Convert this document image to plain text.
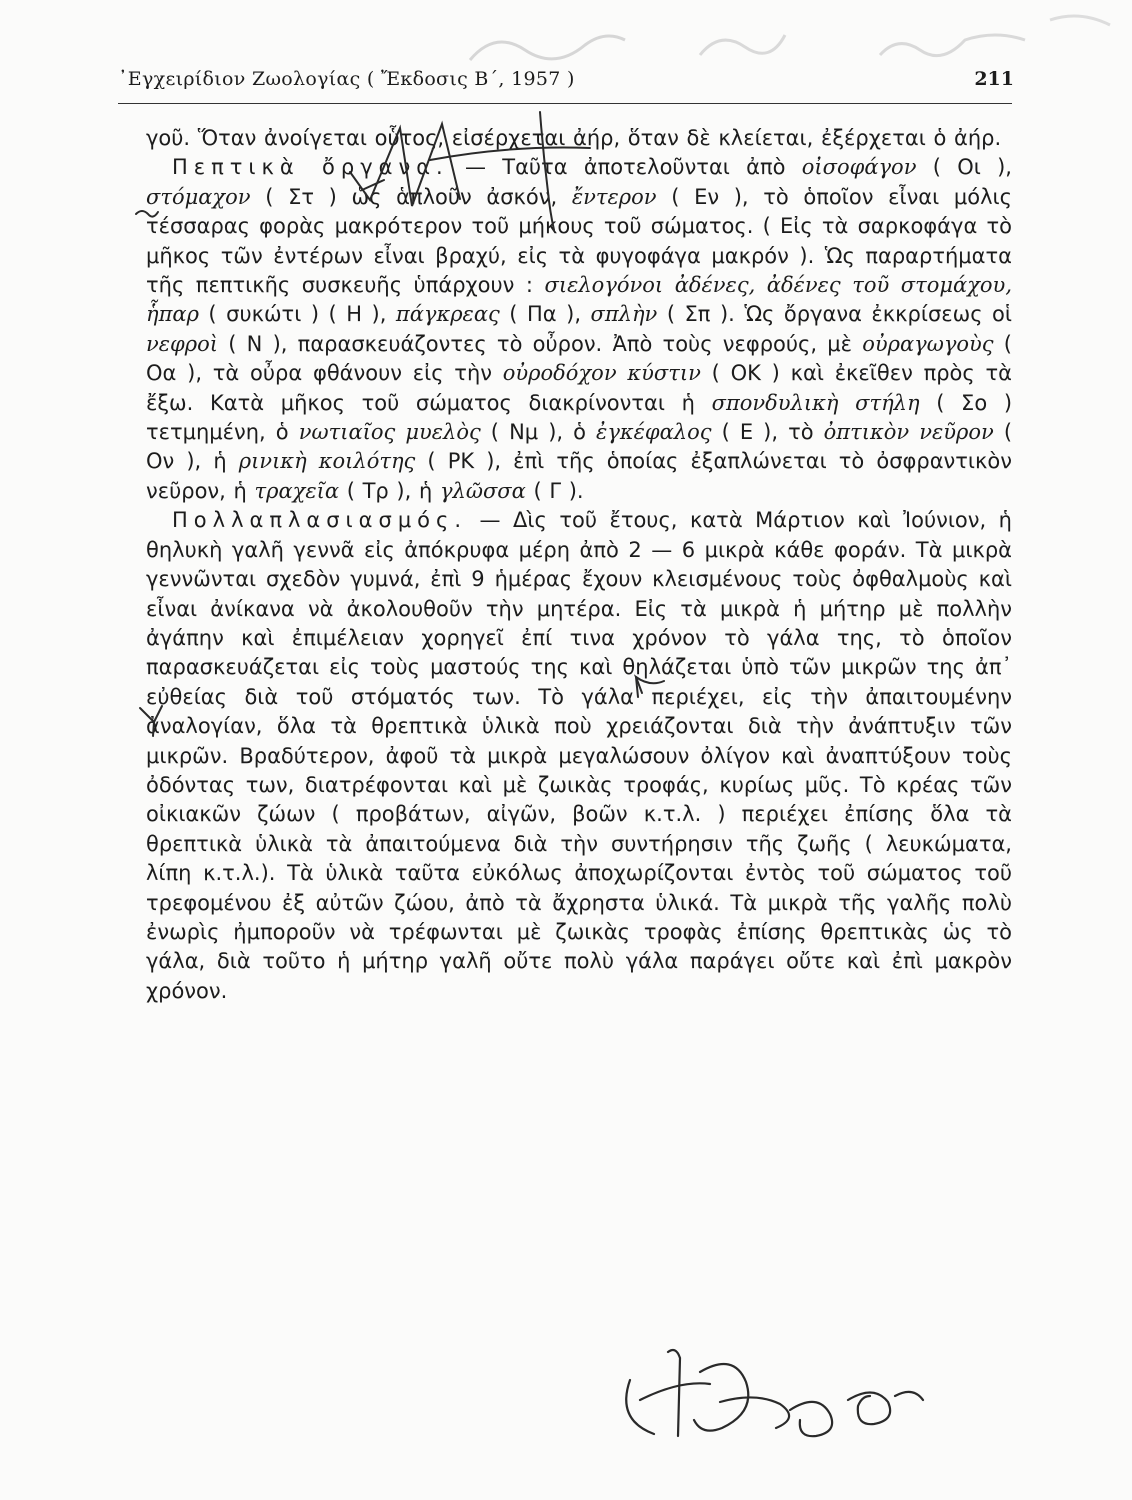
᾿Εγχειρίδιον Ζωολογίας ( Ἔκδοσις Β΄, 1957 )	211

γοῦ. Ὅταν ἀνοίγεται οὗτος, εἰσέρχεται ἀήρ, ὅταν δὲ κλείεται, ἐξέρχεται ὁ ἀήρ.

Πεπτικὰ ὄργανα. — Ταῦτα ἀποτελοῦνται ἀπὸ οἰσοφάγον ( Οι ), στόμαχον ( Στ ) ὡς ἁπλοῦν ἀσκόν, ἔντερον ( Εν ), τὸ ὁποῖον εἶναι μόλις τέσσαρας φορὰς μακρότερον τοῦ μήκους τοῦ σώματος. ( Εἰς τὰ σαρκοφάγα τὸ μῆκος τῶν ἐντέρων εἶναι βραχύ, εἰς τὰ φυγοφάγα μακρόν ). Ὡς παραρτήματα τῆς πεπτικῆς συσκευῆς ὑπάρχουν : σιελογόνοι ἀδένες, ἀδένες τοῦ στομάχου, ἧπαρ ( συκώτι ) ( Η ), πάγκρεας ( Πα ), σπλὴν ( Σπ ). Ὡς ὄργανα ἐκκρίσεως οἱ νεφροὶ ( Ν ), παρασκευάζοντες τὸ οὖρον. Ἀπὸ τοὺς νεφρούς, μὲ οὐραγωγοὺς ( Οα ), τὰ οὖρα φθάνουν εἰς τὴν οὐροδόχον κύστιν ( ΟΚ ) καὶ ἐκεῖθεν πρὸς τὰ ἔξω. Κατὰ μῆκος τοῦ σώματος διακρίνονται ἡ σπονδυλικὴ στήλη ( Σο ) τετμημένη, ὁ νωτιαῖος μυελὸς ( Νμ ), ὁ ἐγκέφαλος ( Ε ), τὸ ὀπτικὸν νεῦρον ( Ον ), ἡ ρινικὴ κοιλότης ( ΡΚ ), ἐπὶ τῆς ὁποίας ἐξαπλώνεται τὸ ὀσφραντικὸν νεῦρον, ἡ τραχεῖα ( Τρ ), ἡ γλῶσσα ( Γ ).

Πολλαπλασιασμός. — Δὶς τοῦ ἔτους, κατὰ Μάρτιον καὶ Ἰούνιον, ἡ θηλυκὴ γαλῆ γεννᾶ εἰς ἀπόκρυφα μέρη ἀπὸ 2 — 6 μικρὰ κάθε φοράν. Τὰ μικρὰ γεννῶνται σχεδὸν γυμνά, ἐπὶ 9 ἡμέρας ἔχουν κλεισμένους τοὺς ὀφθαλμοὺς καὶ εἶναι ἀνίκανα νὰ ἀκολουθοῦν τὴν μητέρα. Εἰς τὰ μικρὰ ἡ μήτηρ μὲ πολλὴν ἀγάπην καὶ ἐπιμέλειαν χορηγεῖ ἐπί τινα χρόνον τὸ γάλα της, τὸ ὁποῖον παρασκευάζεται εἰς τοὺς μαστούς της καὶ θηλάζεται ὑπὸ τῶν μικρῶν της ἀπ᾿ εὐθείας διὰ τοῦ στόματός των. Τὸ γάλα περιέχει, εἰς τὴν ἀπαιτουμένην ἀναλογίαν, ὅλα τὰ θρεπτικὰ ὑλικὰ ποὺ χρειάζονται διὰ τὴν ἀνάπτυξιν τῶν μικρῶν. Βραδύτερον, ἀφοῦ τὰ μικρὰ μεγαλώσουν ὀλίγον καὶ ἀναπτύξουν τοὺς ὀδόντας των, διατρέφονται καὶ μὲ ζωικὰς τροφάς, κυρίως μῦς. Τὸ κρέας τῶν οἰκιακῶν ζώων ( προβάτων, αἰγῶν, βοῶν κ.τ.λ. ) περιέχει ἐπίσης ὅλα τὰ θρεπτικὰ ὑλικὰ τὰ ἀπαιτούμενα διὰ τὴν συντήρησιν τῆς ζωῆς ( λευκώματα, λίπη κ.τ.λ.). Τὰ ὑλικὰ ταῦτα εὐκόλως ἀποχωρίζονται ἐντὸς τοῦ σώματος τοῦ τρεφομένου ἐξ αὐτῶν ζώου, ἀπὸ τὰ ἄχρηστα ὑλικά. Τὰ μικρὰ τῆς γαλῆς πολὺ ἐνωρὶς ἠμποροῦν νὰ τρέφωνται μὲ ζωικὰς τροφὰς ἐπίσης θρεπτικὰς ὡς τὸ γάλα, διὰ τοῦτο ἡ μήτηρ γαλῆ οὔτε πολὺ γάλα παράγει οὔτε καὶ ἐπὶ μακρὸν χρόνον.
